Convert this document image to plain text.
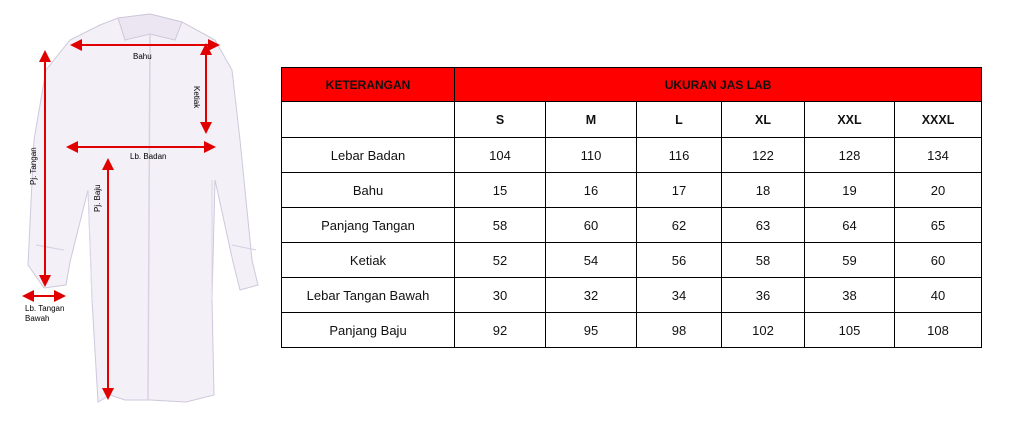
Bahu
Ketiak
Lb. Badan
Pj. Tangan
Pj. Baju
Lb. Tangan
Bawah
KETERANGAN	UKURAN JAS LAB					
	S	M	L	XL	XXL	XXXL
Lebar Badan	104	110	116	122	128	134
Bahu	15	16	17	18	19	20
Panjang Tangan	58	60	62	63	64	65
Ketiak	52	54	56	58	59	60
Lebar Tangan Bawah	30	32	34	36	38	40
Panjang Baju	92	95	98	102	105	108
